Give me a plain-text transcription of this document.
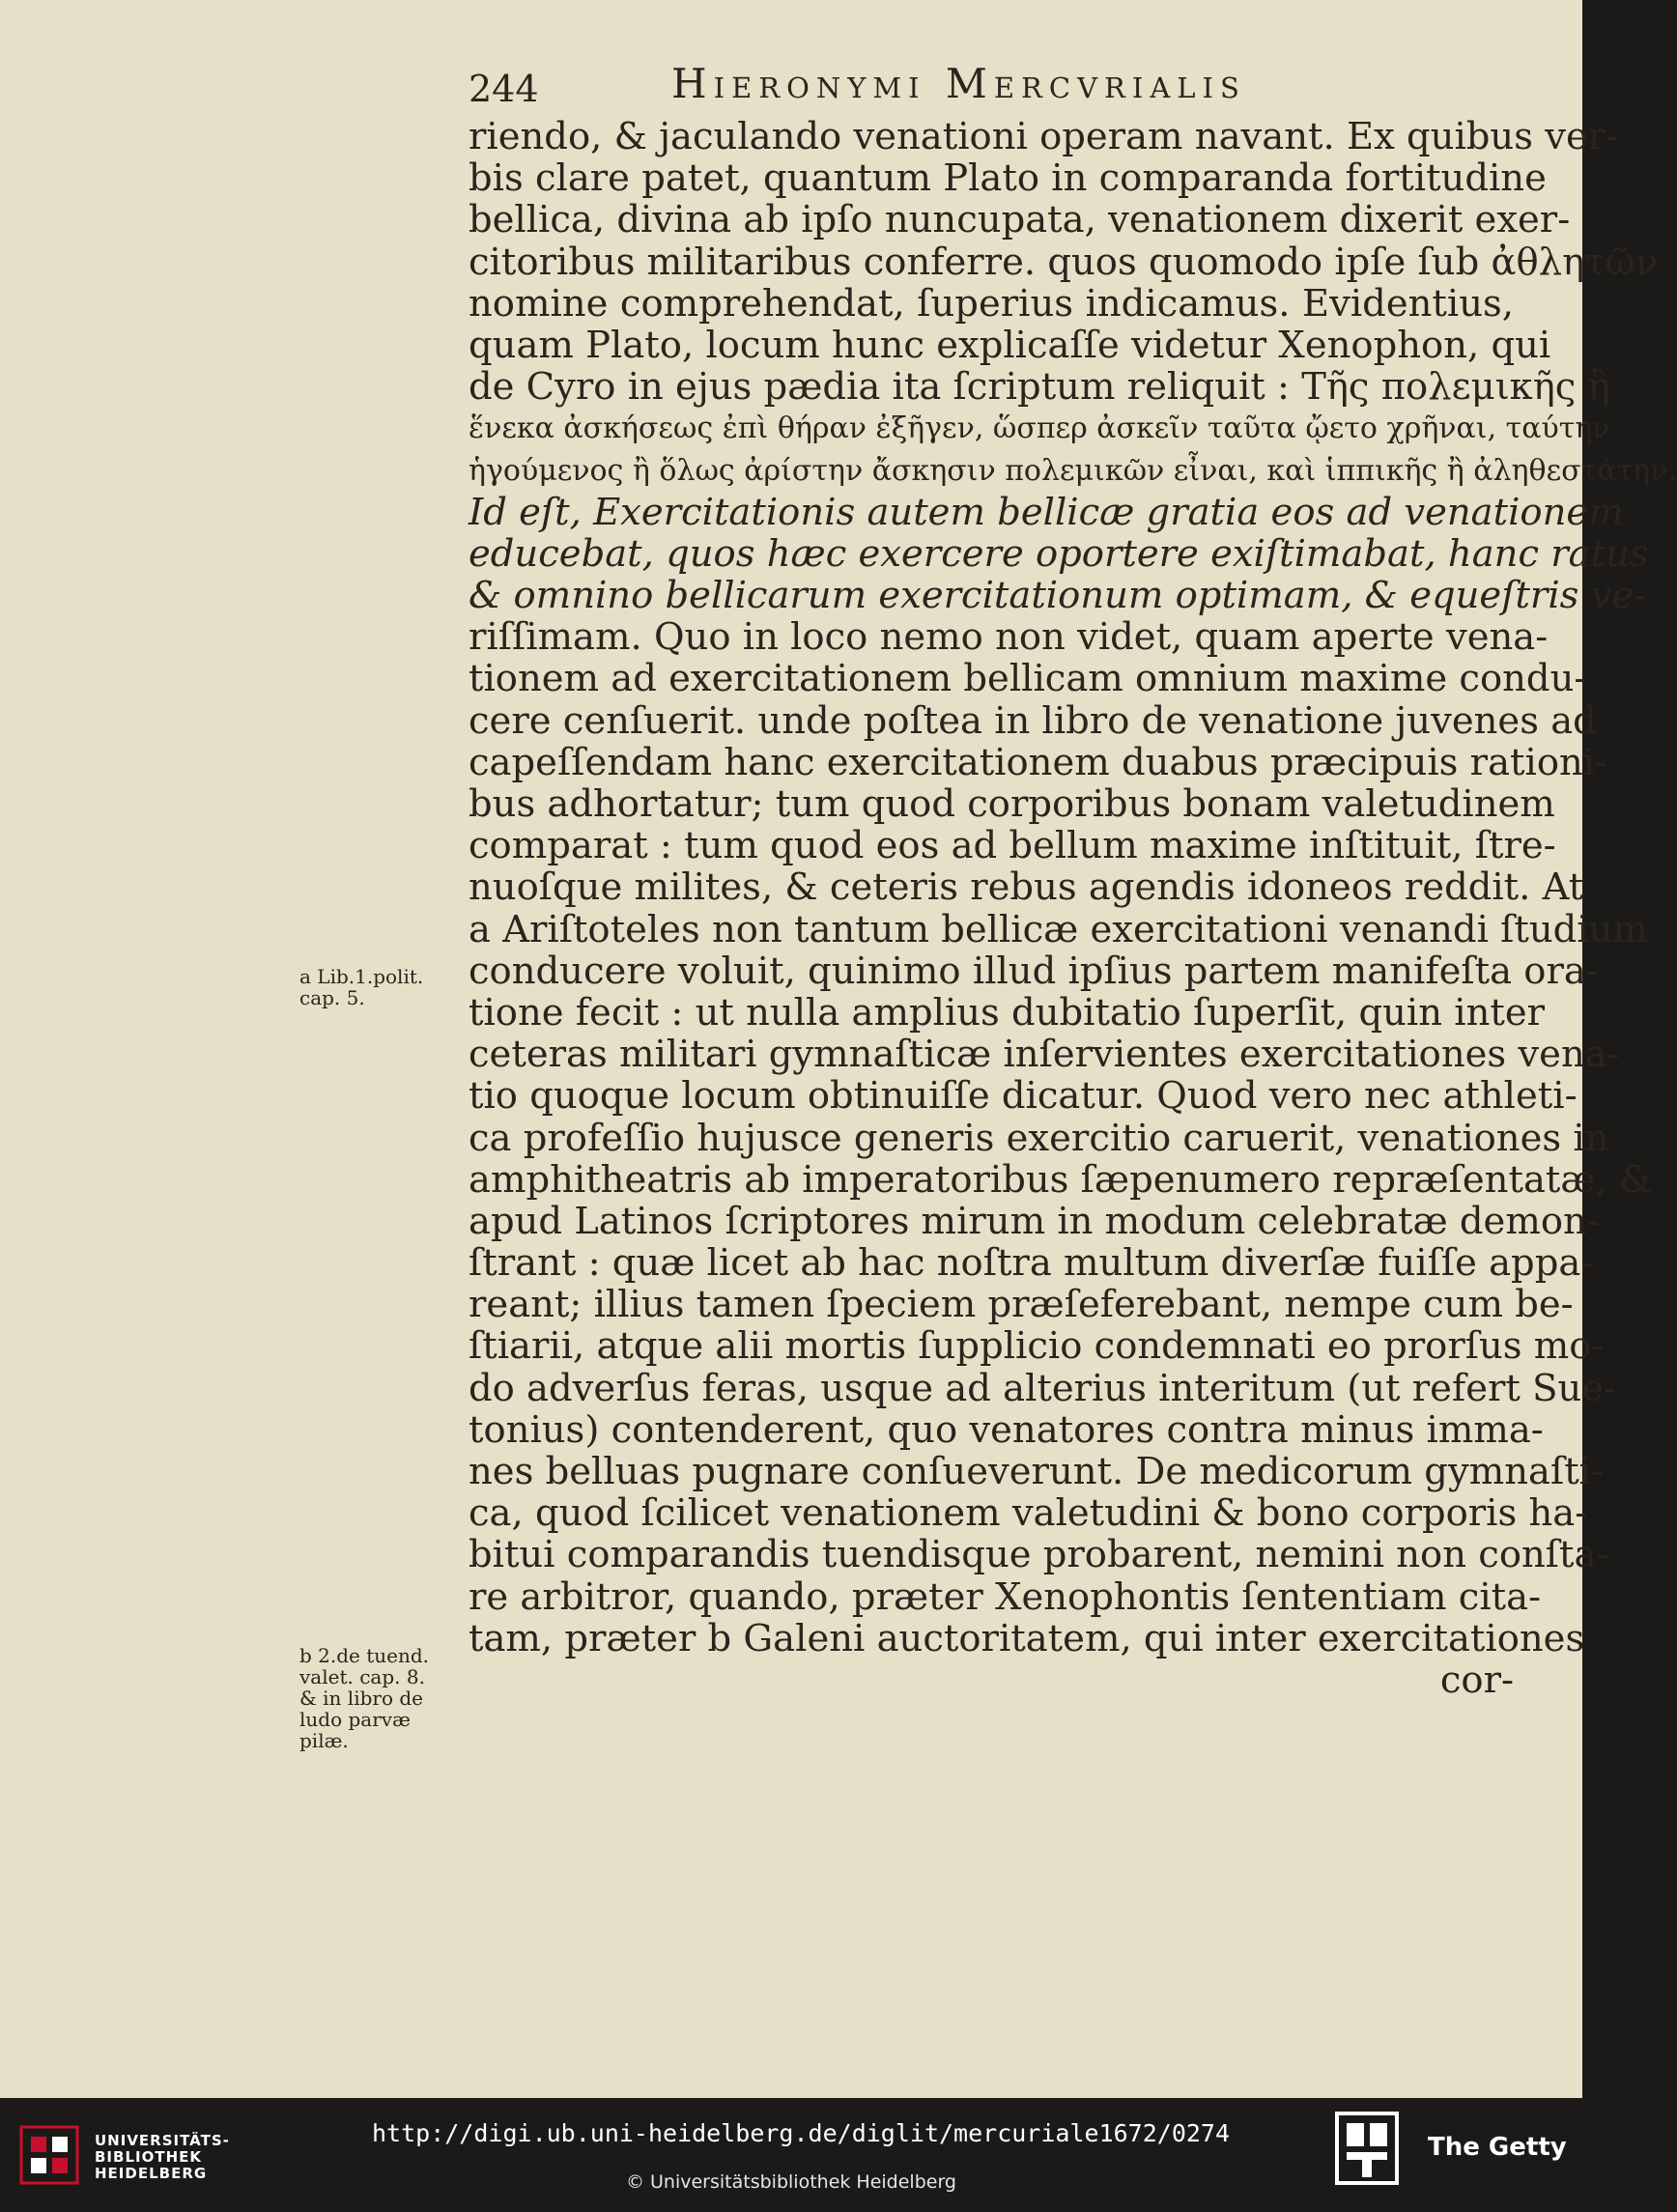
244	Hieronymi Mercvrialis
riendo, & jaculando venationi operam navant. Ex quibus ver-
bis clare patet, quantum Plato in comparanda fortitudine
bellica, divina ab ipſo nuncupata, venationem dixerit exer-
citoribus militaribus conferre. quos quomodo ipſe ſub ἀθλητῶν
nomine comprehendat, ſuperius indicamus. Evidentius,
quam Plato, locum hunc explicaſſe videtur Xenophon, qui
de Cyro in ejus pædia ita ſcriptum reliquit : Τῆς πολεμικῆς ἢ
ἕνεκα ἀσκήσεως ἐπὶ θήραν ἐξῆγεν, ὥσπερ ἀσκεῖν ταῦτα ᾤετο χρῆναι, ταύτην
ἡγούμενος ἢ ὅλως ἀρίστην ἄσκησιν πολεμικῶν εἶναι, καὶ ἱππικῆς ἢ ἀληθεστάτην.
Id eſt, Exercitationis autem bellicæ gratia eos ad venationem
educebat, quos hæc exercere oportere exiſtimabat, hanc ratus
& omnino bellicarum exercitationum optimam, & equeſtris ve-
riſſimam. Quo in loco nemo non videt, quam aperte vena-
tionem ad exercitationem bellicam omnium maxime condu-
cere cenſuerit. unde poſtea in libro de venatione juvenes ad
capeſſendam hanc exercitationem duabus præcipuis rationi-
bus adhortatur; tum quod corporibus bonam valetudinem
comparat : tum quod eos ad bellum maxime inſtituit, ſtre-
nuoſque milites, & ceteris rebus agendis idoneos reddit. At
a Ariſtoteles non tantum bellicæ exercitationi venandi ſtudium
conducere voluit, quinimo illud ipſius partem manifeſta ora-
tione fecit : ut nulla amplius dubitatio ſuperſit, quin inter
ceteras militari gymnaſticæ inſervientes exercitationes vena-
tio quoque locum obtinuiſſe dicatur. Quod vero nec athleti-
ca profeſſio hujusce generis exercitio caruerit, venationes in
amphitheatris ab imperatoribus ſæpenumero repræſentatæ, &
apud Latinos ſcriptores mirum in modum celebratæ demon-
ſtrant : quæ licet ab hac noſtra multum diverſæ fuiſſe appa-
reant; illius tamen ſpeciem præſeferebant, nempe cum be-
ſtiarii, atque alii mortis ſupplicio condemnati eo prorſus mo-
do adverſus feras, usque ad alterius interitum (ut refert Sue-
tonius) contenderent, quo venatores contra minus imma-
nes belluas pugnare conſueverunt. De medicorum gymnaſti-
ca, quod ſcilicet venationem valetudini & bono corporis ha-
bitui comparandis tuendisque probarent, nemini non conſta-
re arbitror, quando, præter Xenophontis ſententiam cita-
tam, præter b Galeni auctoritatem, qui inter exercitationes
cor-
a Lib.1.polit.
cap. 5.
b 2.de tuend.
valet. cap. 8.
& in libro de
ludo parvæ
pilæ.
UNIVERSITÄTS-
BIBLIOTHEK
HEIDELBERG
http://digi.ub.uni-heidelberg.de/diglit/mercuriale1672/0274
© Universitätsbibliothek Heidelberg
The Getty
